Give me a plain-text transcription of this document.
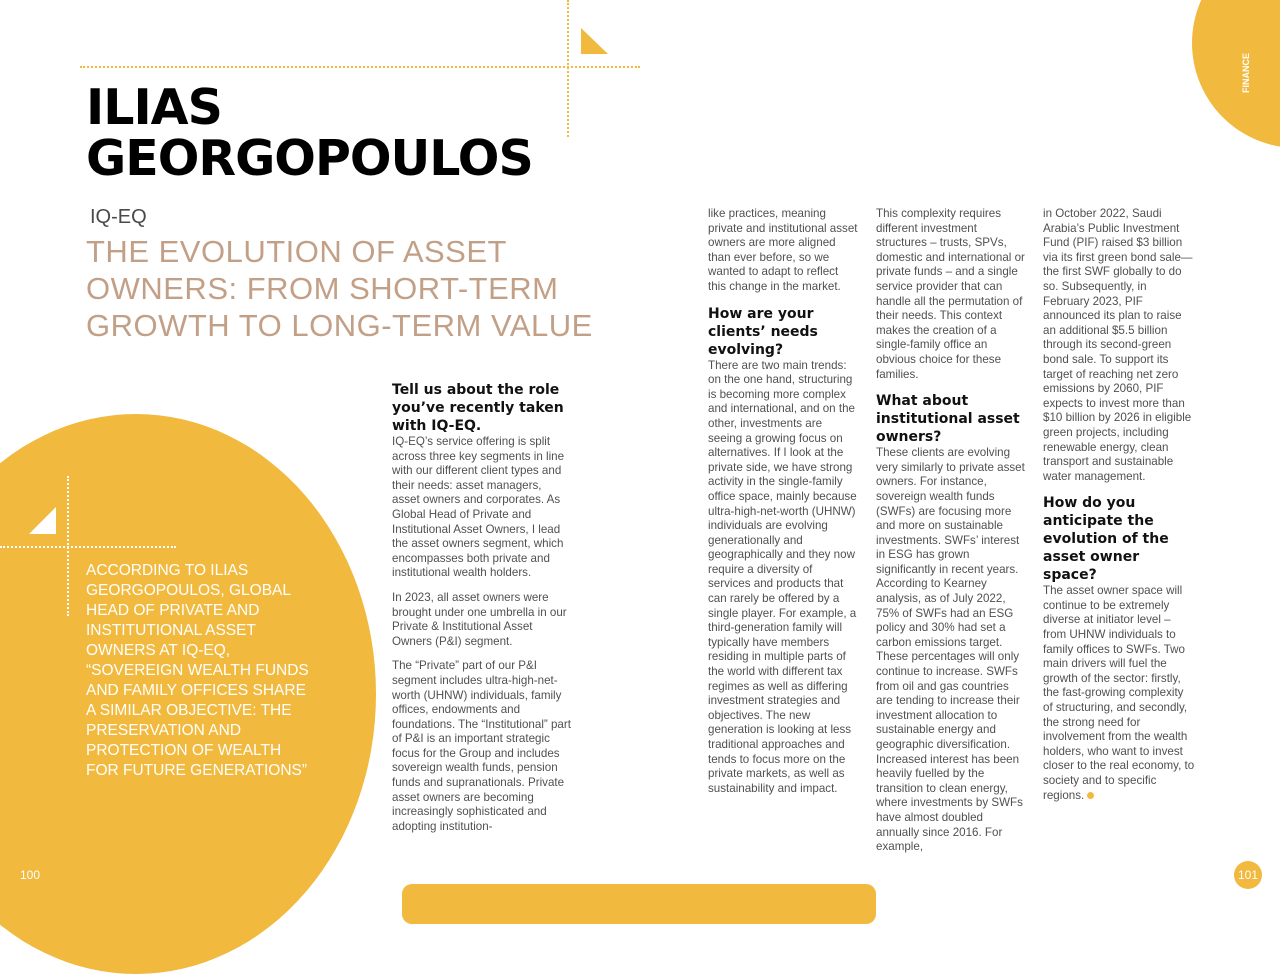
FINANCE
ILIAS
GEORGOPOULOS
IQ-EQ
THE EVOLUTION OF ASSET OWNERS: FROM SHORT-TERM GROWTH TO LONG-TERM VALUE
ACCORDING TO ILIAS GEORGOPOULOS, GLOBAL HEAD OF PRIVATE AND INSTITUTIONAL ASSET OWNERS AT IQ-EQ, “SOVEREIGN WEALTH FUNDS AND FAMILY OFFICES SHARE A SIMILAR OBJECTIVE: THE PRESERVATION AND PROTECTION OF WEALTH FOR FUTURE GENERATIONS”
Tell us about the role you’ve recently taken with IQ-EQ.

IQ-EQ’s service offering is split across three key segments in line with our different client types and their needs: asset managers, asset owners and corporates. As Global Head of Private and Institutional Asset Owners, I lead the asset owners segment, which encompasses both private and institutional wealth holders.

In 2023, all asset owners were brought under one umbrella in our Private & Institutional Asset Owners (P&I) segment.

The “Private” part of our P&I segment includes ultra-high-net-worth (UHNW) individuals, family offices, endowments and foundations. The “Institutional” part of P&I is an important strategic focus for the Group and includes sovereign wealth funds, pension funds and supranationals. Private asset owners are becoming increasingly sophisticated and adopting institution-

like practices, meaning private and institutional asset owners are more aligned than ever before, so we wanted to adapt to reflect this change in the market.

How are your clients’ needs evolving?

There are two main trends: on the one hand, structuring is becoming more complex and international, and on the other, investments are seeing a growing focus on alternatives. If I look at the private side, we have strong activity in the single-family office space, mainly because ultra-high-net-worth (UHNW) individuals are evolving generationally and geographically and they now require a diversity of services and products that can rarely be offered by a single player. For example, a third-generation family will typically have members residing in multiple parts of the world with different tax regimes as well as differing investment strategies and objectives. The new generation is looking at less traditional approaches and tends to focus more on the private markets, as well as sustainability and impact.

This complexity requires different investment structures – trusts, SPVs, domestic and international or private funds – and a single service provider that can handle all the permutation of their needs. This context makes the creation of a single-family office an obvious choice for these families.

What about institutional asset owners?

These clients are evolving very similarly to private asset owners. For instance, sovereign wealth funds (SWFs) are focusing more and more on sustainable investments. SWFs’ interest in ESG has grown significantly in recent years. According to Kearney analysis, as of July 2022, 75% of SWFs had an ESG policy and 30% had set a carbon emissions target. These percentages will only continue to increase. SWFs from oil and gas countries are tending to increase their investment allocation to sustainable energy and geographic diversification. Increased interest has been heavily fuelled by the transition to clean energy, where investments by SWFs have almost doubled annually since 2016. For example,

in October 2022, Saudi Arabia’s Public Investment Fund (PIF) raised $3 billion via its first green bond sale—the first SWF globally to do so. Subsequently, in February 2023, PIF announced its plan to raise an additional $5.5 billion through its second-green bond sale. To support its target of reaching net zero emissions by 2060, PIF expects to invest more than $10 billion by 2026 in eligible green projects, including renewable energy, clean transport and sustainable water management.

How do you anticipate the evolution of the asset owner space?

The asset owner space will continue to be extremely diverse at initiator level – from UHNW individuals to family offices to SWFs. Two main drivers will fuel the growth of the sector: firstly, the fast-growing complexity of structuring, and secondly, the strong need for involvement from the wealth holders, who want to invest closer to the real economy, to society and to specific regions.

100	101
